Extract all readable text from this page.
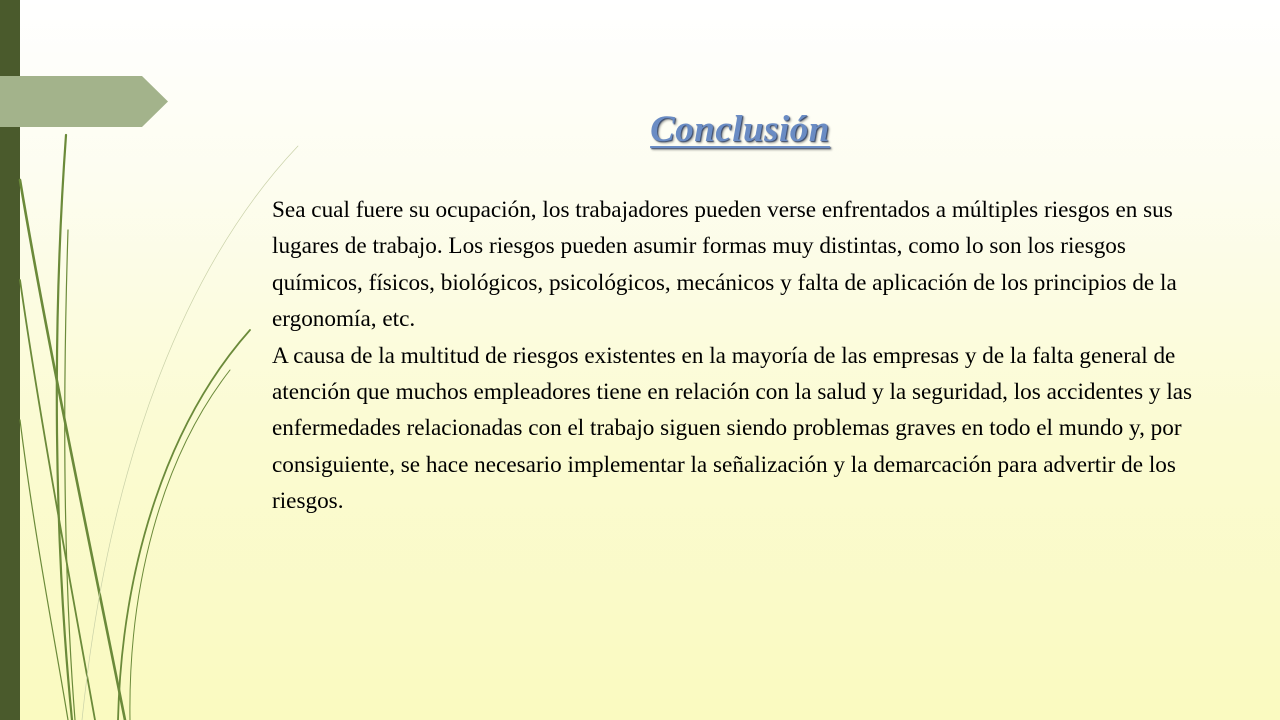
Conclusión

Sea cual fuere su ocupación, los trabajadores pueden verse enfrentados a múltiples riesgos en sus lugares de trabajo. Los riesgos pueden asumir formas muy distintas, como lo son los riesgos químicos, físicos, biológicos, psicológicos, mecánicos y falta de aplicación de los principios de la ergonomía, etc.

A causa de la multitud de riesgos existentes en la mayoría de las empresas y de la falta general de atención que muchos empleadores tiene en relación con la salud y la seguridad, los accidentes y las enfermedades relacionadas con el trabajo siguen siendo problemas graves en todo el mundo y, por consiguiente, se hace necesario implementar la señalización y la demarcación para advertir de los riesgos.
